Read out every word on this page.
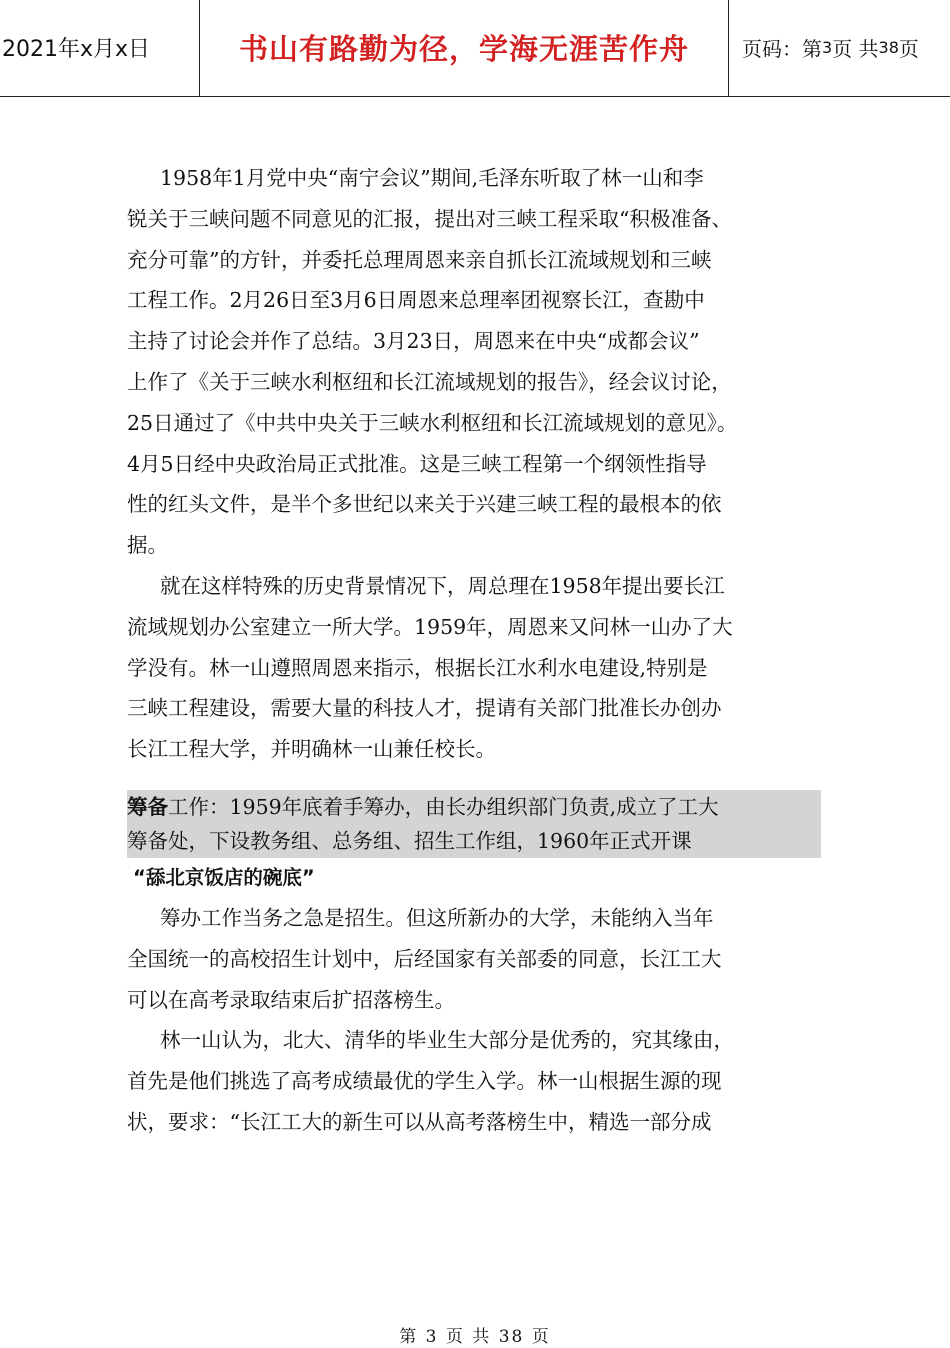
2021年x月x日	书山有路勤为径，学海无涯苦作舟	页码：第 3 页 共 38 页
1958年1月党中央“南宁会议”期间,毛泽东听取了林一山和李
锐关于三峡问题不同意见的汇报，提出对三峡工程采取“积极准备、
充分可靠”的方针，并委托总理周恩来亲自抓长江流域规划和三峡
工程工作。2月26日至3月6日周恩来总理率团视察长江，查勘中
主持了讨论会并作了总结。3月23日，周恩来在中央“成都会议”
上作了《关于三峡水利枢纽和长江流域规划的报告》，经会议讨论，
25日通过了《中共中央关于三峡水利枢纽和长江流域规划的意见》。
4月5日经中央政治局正式批准。这是三峡工程第一个纲领性指导
性的红头文件，是半个多世纪以来关于兴建三峡工程的最根本的依
据。
就在这样特殊的历史背景情况下，周总理在1958年提出要长江
流域规划办公室建立一所大学。1959年，周恩来又问林一山办了大
学没有。林一山遵照周恩来指示，根据长江水利水电建设,特别是
三峡工程建设，需要大量的科技人才，提请有关部门批准长办创办
长江工程大学，并明确林一山兼任校长。
筹备工作：1959年底着手筹办，由长办组织部门负责,成立了工大
筹备处，下设教务组、总务组、招生工作组，1960年正式开课
“舔北京饭店的碗底”
筹办工作当务之急是招生。但这所新办的大学，未能纳入当年
全国统一的高校招生计划中，后经国家有关部委的同意，长江工大
可以在高考录取结束后扩招落榜生。
林一山认为，北大、清华的毕业生大部分是优秀的，究其缘由，
首先是他们挑选了高考成绩最优的学生入学。林一山根据生源的现
状，要求：“长江工大的新生可以从高考落榜生中，精选一部分成
第 3 页 共 38 页
